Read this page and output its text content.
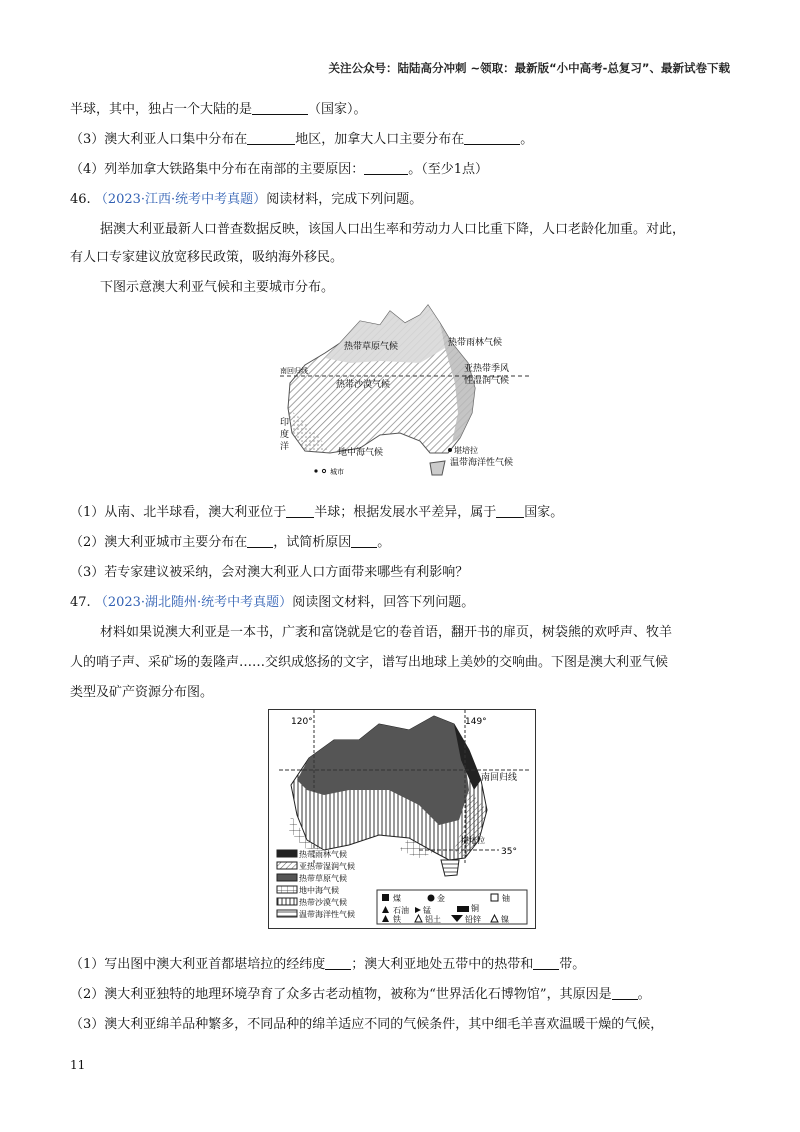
关注公众号：陆陆高分冲刺 ~领取：最新版“小中高考-总复习”、最新试卷下载
半球，其中，独占一个大陆的是	（国家）。
（3）澳大利亚人口集中分布在	地区，加拿大人口主要分布在	。
（4）列举加拿大铁路集中分布在南部的主要原因：	。（至少1点）
46. （2023·江西·统考中考真题）阅读材料，完成下列问题。
据澳大利亚最新人口普查数据反映，该国人口出生率和劳动力人口比重下降，人口老龄化加重。对此，
有人口专家建议放宽移民政策，吸纳海外移民。
下图示意澳大利亚气候和主要城市分布。
热带草原气候	热带雨林气候
南回归线
热带沙漠气候
亚热带季风
性湿润气候
印
度
洋
地中海气候	堪培拉
温带海洋性气候
城市
（1）从南、北半球看，澳大利亚位于 半球；根据发展水平差异，属于 国家。
（2）澳大利亚城市主要分布在 ，试简析原因 。
（3）若专家建议被采纳，会对澳大利亚人口方面带来哪些有利影响？
47. （2023·湖北随州·统考中考真题）阅读图文材料，回答下列问题。
材料如果说澳大利亚是一本书，广袤和富饶就是它的卷首语，翻开书的扉页，树袋熊的欢呼声、牧羊
人的哨子声、采矿场的轰隆声……交织成悠扬的文字，谱写出地球上美妙的交响曲。下图是澳大利亚气候
类型及矿产资源分布图。
120°	149°
南回归线
堪培拉
35°
热带雨林气候
亚热带湿润气候
热带草原气候
地中海气候
热带沙漠气候
温带海洋性气候
煤	金	铀
石油 锰	铜
铁	铝土	铅锌	镍
（1）写出图中澳大利亚首都堪培拉的经纬度 ；澳大利亚地处五带中的热带和 带。
（2）澳大利亚独特的地理环境孕育了众多古老动植物，被称为“世界活化石博物馆”，其原因是 。
（3）澳大利亚绵羊品种繁多，不同品种的绵羊适应不同的气候条件，其中细毛羊喜欢温暖干燥的气候，
11
